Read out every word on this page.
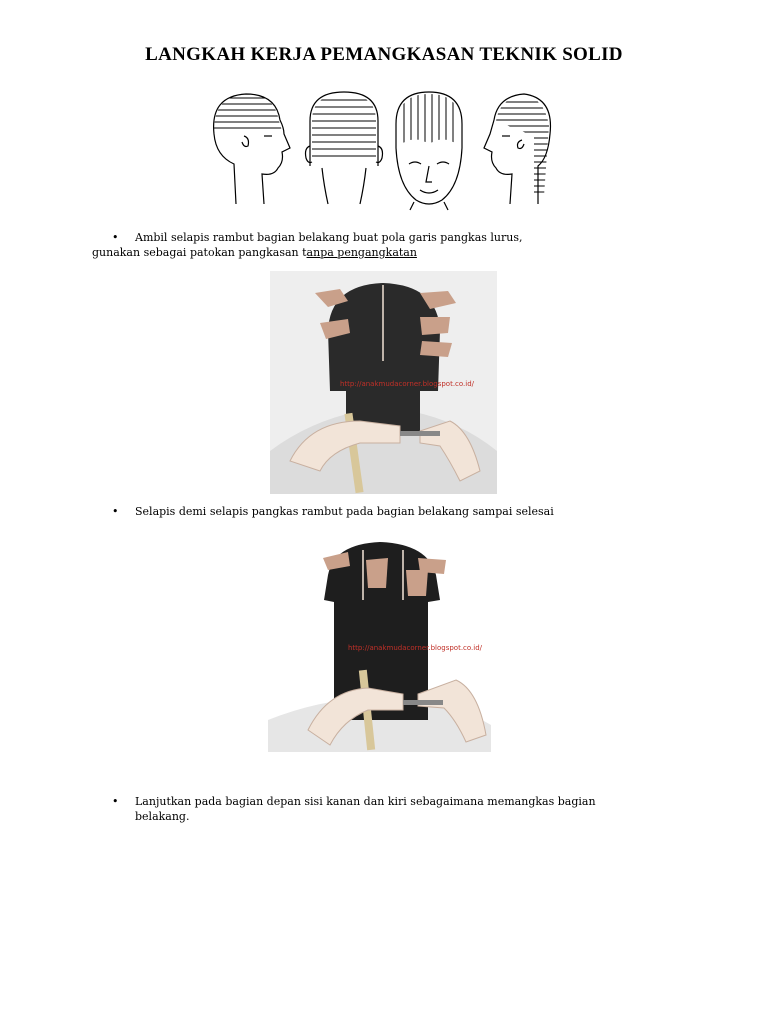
LANGKAH KERJA PEMANGKASAN TEKNIK SOLID
•	Ambil selapis rambut bagian belakang buat pola garis pangkas lurus,
gunakan sebagai patokan pangkasan tanpa pengangkatan
http://anakmudacorner.blogspot.co.id/
•	Selapis demi selapis pangkas rambut pada bagian belakang sampai selesai
http://anakmudacorner.blogspot.co.id/
•	Lanjutkan pada bagian depan sisi kanan dan kiri sebagaimana memangkas bagian
belakang.
